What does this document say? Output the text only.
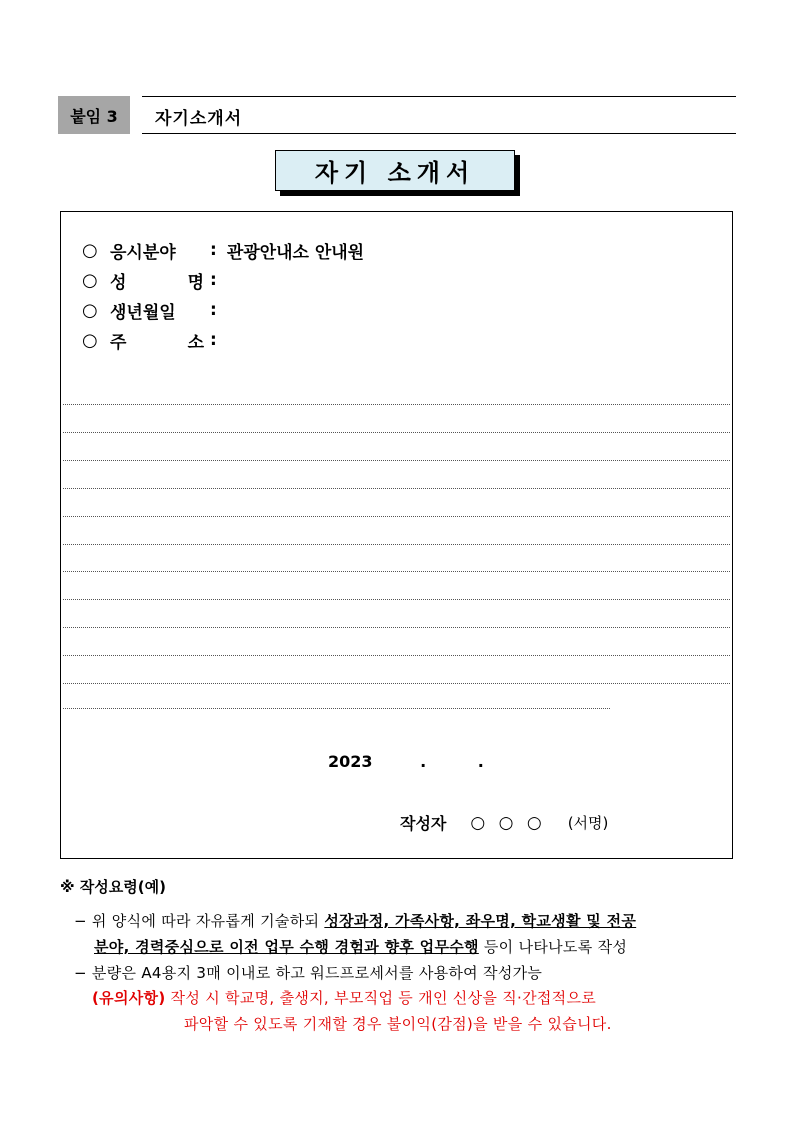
붙임 3	자기소개서
자기 소개서
○ 응시분야 : 관광안내소 안내원
○ 성	명 :
○ 생년월일 :
○ 주	소 :
2023	.	.
작성자 ○ ○ ○ (서명)
※ 작성요령(예)
− 위 양식에 따라 자유롭게 기술하되 성장과정, 가족사항, 좌우명, 학교생활 및 전공
분야, 경력중심으로 이전 업무 수행 경험과 향후 업무수행 등이 나타나도록 작성
− 분량은 A4용지 3매 이내로 하고 워드프로세서를 사용하여 작성가능
(유의사항) 작성 시 학교명, 출생지, 부모직업 등 개인 신상을 직·간접적으로
파악할 수 있도록 기재할 경우 불이익(감점)을 받을 수 있습니다.
